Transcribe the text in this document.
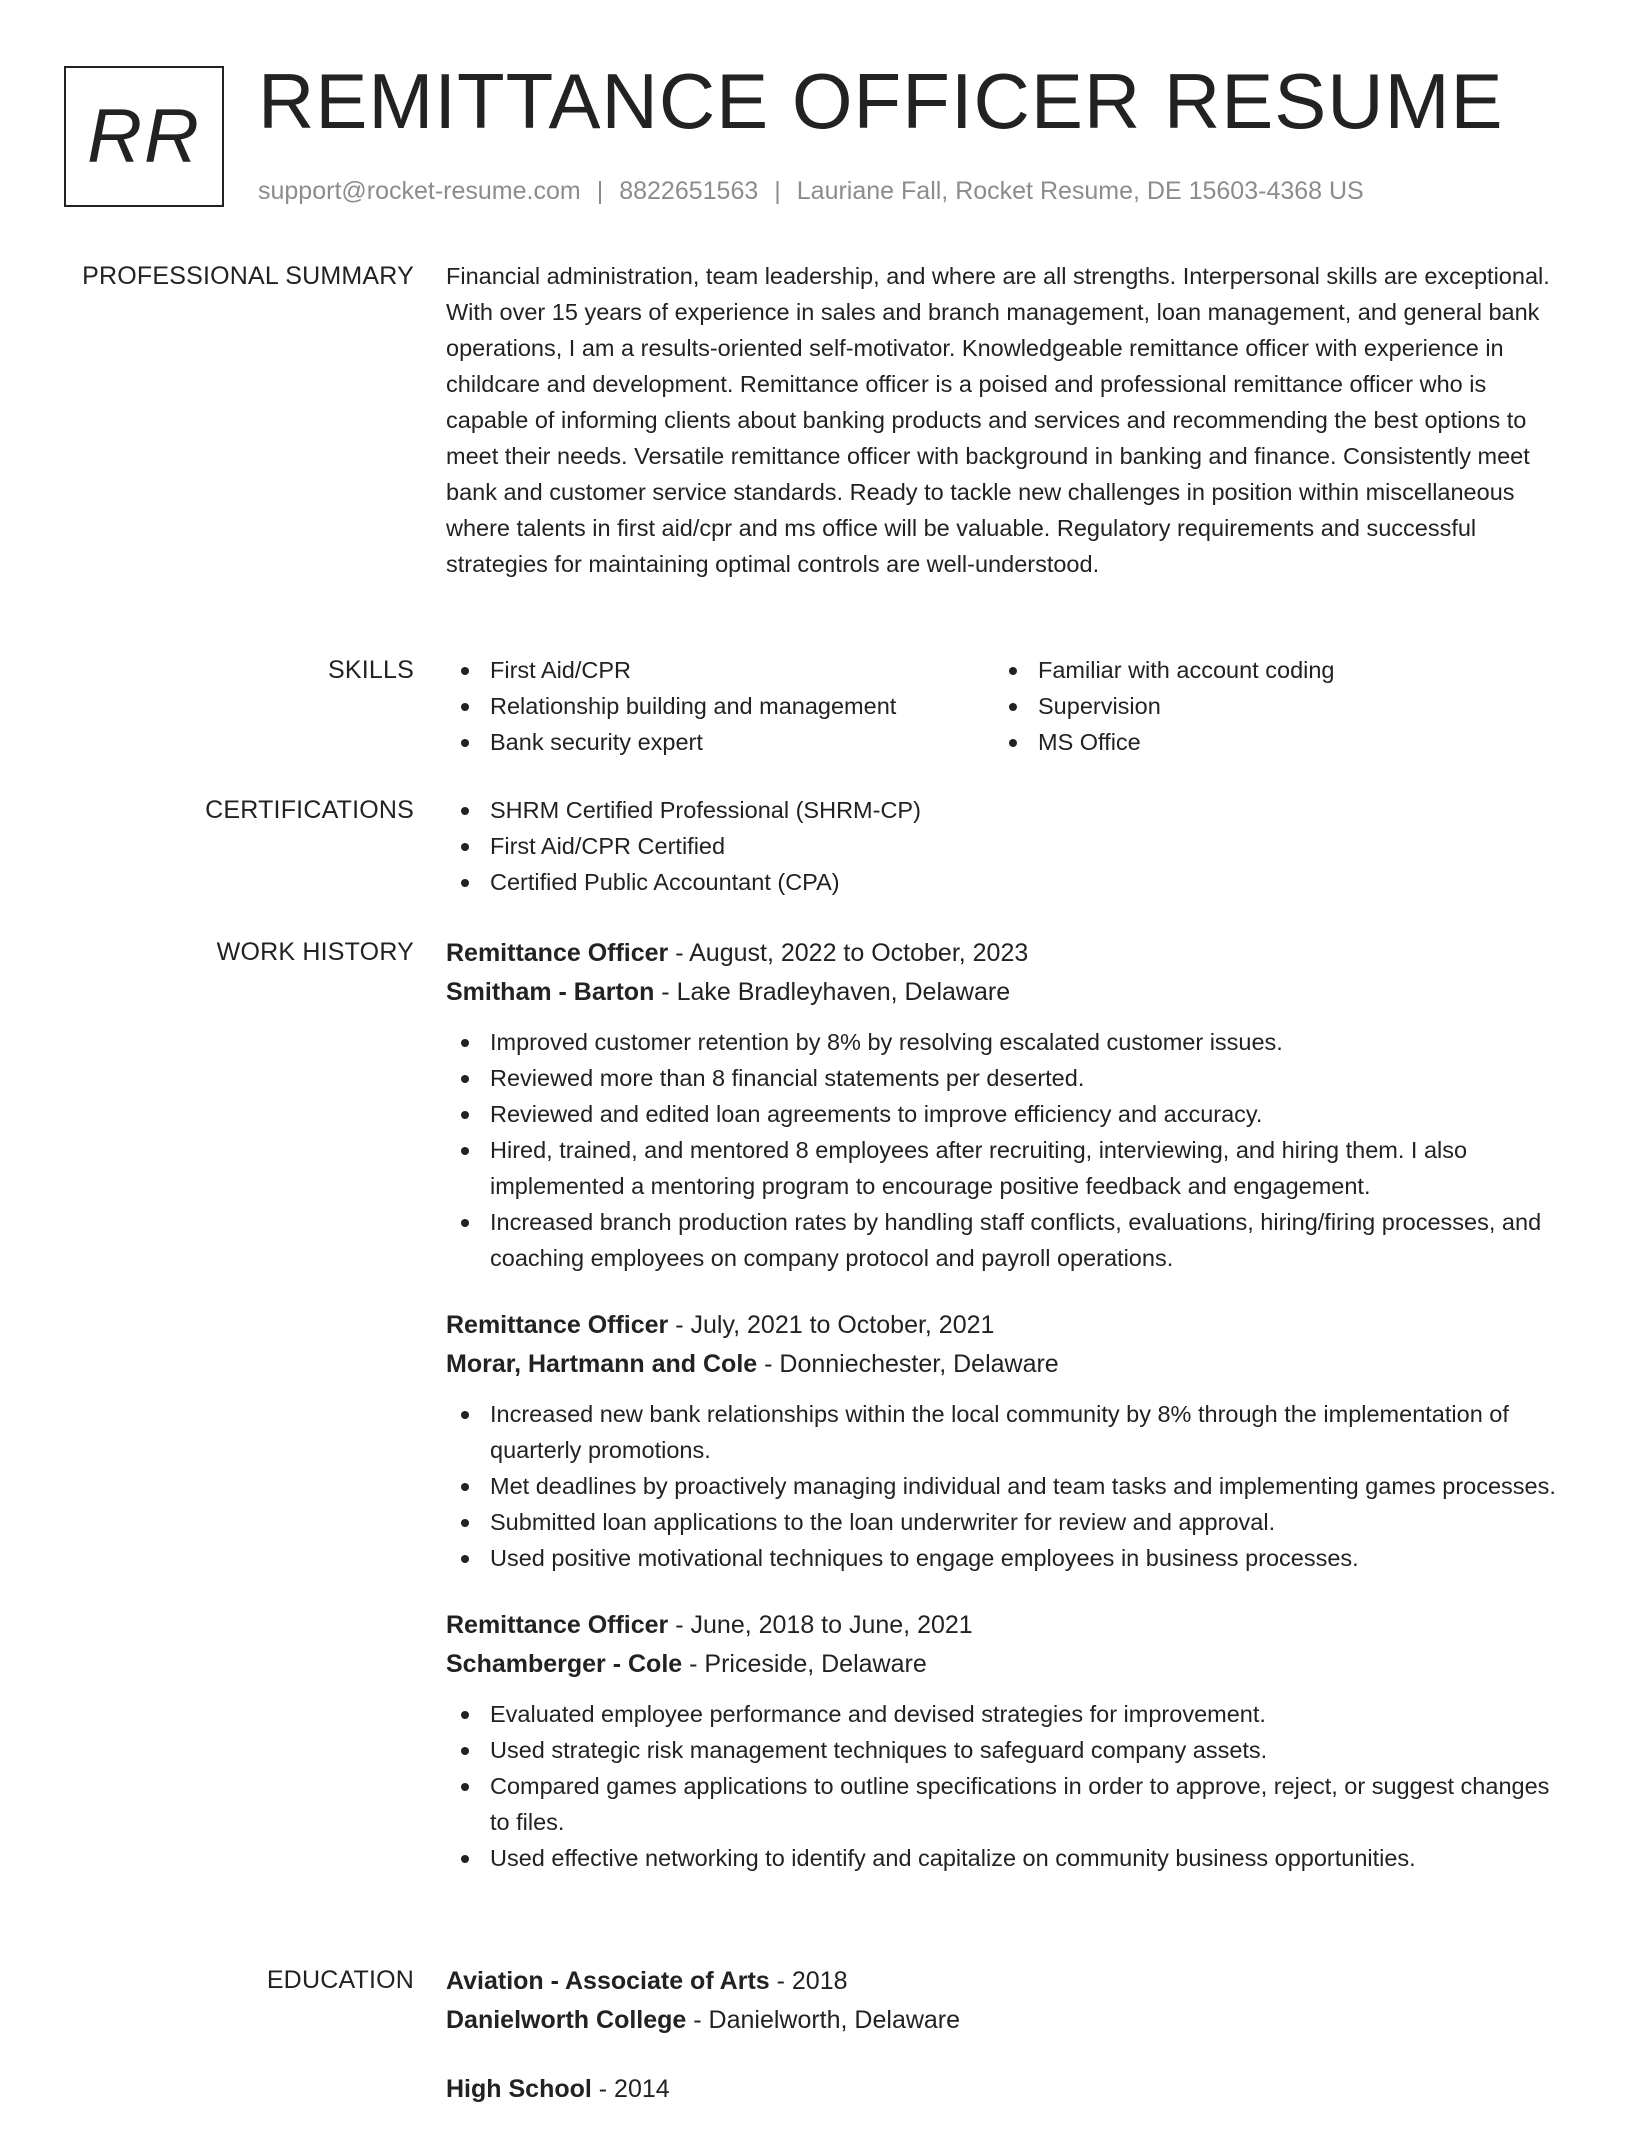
RR REMITTANCE OFFICER RESUME
support@rocket-resume.com | 8822651563 | Lauriane Fall, Rocket Resume, DE 15603-4368 US
PROFESSIONAL SUMMARY Financial administration, team leadership, and where are all strengths. Interpersonal skills are exceptional. With over 15 years of experience in sales and branch management, loan management, and general bank operations, I am a results-oriented self-motivator. Knowledgeable remittance officer with experience in childcare and development. Remittance officer is a poised and professional remittance officer who is capable of informing clients about banking products and services and recommending the best options to meet their needs. Versatile remittance officer with background in banking and finance. Consistently meet bank and customer service standards. Ready to tackle new challenges in position within miscellaneous where talents in first aid/cpr and ms office will be valuable. Regulatory requirements and successful strategies for maintaining optimal controls are well-understood.

SKILLS	First Aid/CPR	Familiar with account coding
Relationship building and management	Supervision
Bank security expert	MS Office
CERTIFICATIONS	SHRM Certified Professional (SHRM-CP)
First Aid/CPR Certified
Certified Public Accountant (CPA)
WORK HISTORY Remittance Officer - August, 2022 to October, 2023
Smitham - Barton - Lake Bradleyhaven, Delaware
Improved customer retention by 8% by resolving escalated customer issues.
Reviewed more than 8 financial statements per deserted.
Reviewed and edited loan agreements to improve efficiency and accuracy.
Hired, trained, and mentored 8 employees after recruiting, interviewing, and hiring them. I also implemented a mentoring program to encourage positive feedback and engagement.
Increased branch production rates by handling staff conflicts, evaluations, hiring/firing processes, and coaching employees on company protocol and payroll operations.
Remittance Officer - July, 2021 to October, 2021
Morar, Hartmann and Cole - Donniechester, Delaware
Increased new bank relationships within the local community by 8% through the implementation of quarterly promotions.
Met deadlines by proactively managing individual and team tasks and implementing games processes.
Submitted loan applications to the loan underwriter for review and approval.
Used positive motivational techniques to engage employees in business processes.
Remittance Officer - June, 2018 to June, 2021
Schamberger - Cole - Priceside, Delaware
Evaluated employee performance and devised strategies for improvement.
Used strategic risk management techniques to safeguard company assets.
Compared games applications to outline specifications in order to approve, reject, or suggest changes to files.
Used effective networking to identify and capitalize on community business opportunities.
EDUCATION Aviation - Associate of Arts - 2018
Danielworth College - Danielworth, Delaware
High School - 2014
